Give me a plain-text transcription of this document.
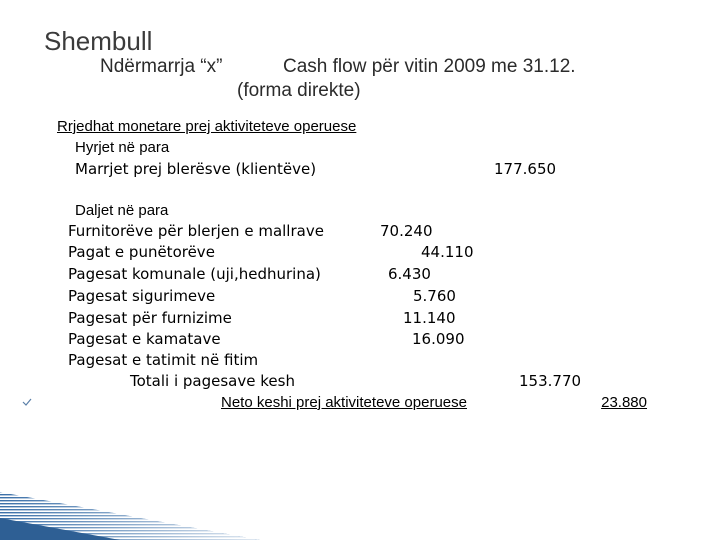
Shembull
Ndërmarrja “x”	Cash flow për vitin 2009 me 31.12.
(forma direkte)
Rrjedhat monetare prej aktiviteteve operuese
Hyrjet në para
Marrjet prej blerësve (klientëve)	177.650
Daljet në para
Furnitorëve për blerjen e mallrave	70.240
Pagat e punëtorëve	44.110
Pagesat komunale (uji,hedhurina)	6.430
Pagesat sigurimeve	5.760
Pagesat për furnizime	11.140
Pagesat e kamatave	16.090
Pagesat e tatimit në fitim
Totali i pagesave kesh	153.770
Neto keshi prej aktiviteteve operuese	23.880
